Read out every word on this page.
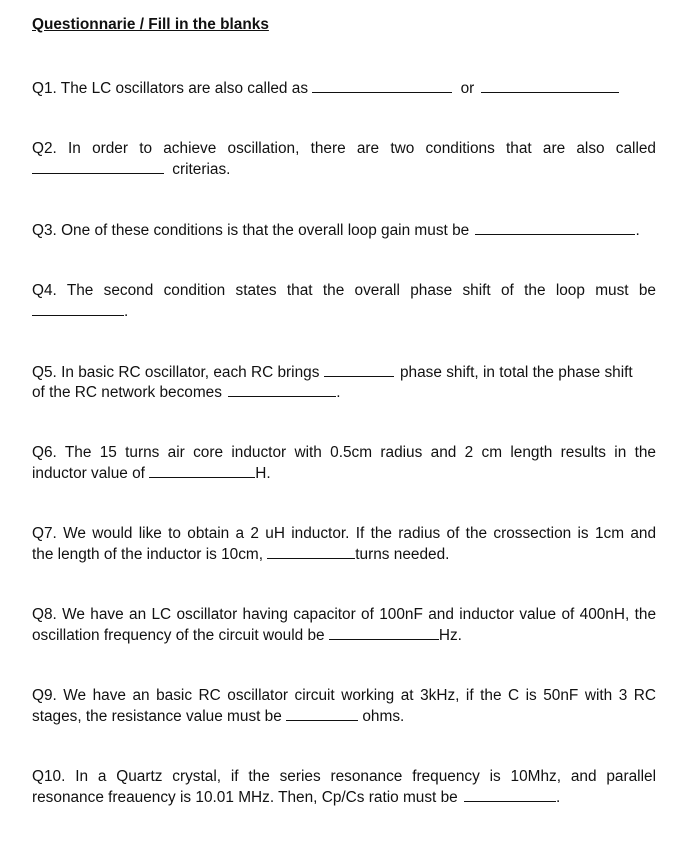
Questionnarie / Fill in the blanks
Q1. The LC oscillators are also called as	or
Q2. In order to achieve oscillation, there are two conditions that are also called
criterias.
Q3. One of these conditions is that the overall loop gain must be	.
Q4. The second condition states that the overall phase shift of the loop must be
.
Q5. In basic RC oscillator, each RC brings	phase shift, in total the phase shift
of the RC network becomes	.
Q6. The 15 turns air core inductor with 0.5cm radius and 2 cm length results in the
inductor value of	H.
Q7. We would like to obtain a 2 uH inductor. If the radius of the crossection is 1cm and
the length of the inductor is 10cm,	turns needed.
Q8. We have an LC oscillator having capacitor of 100nF and inductor value of 400nH, the
oscillation frequency of the circuit would be	Hz.
Q9. We have an basic RC oscillator circuit working at 3kHz, if the C is 50nF with 3 RC
stages, the resistance value must be	ohms.
Q10. In a Quartz crystal, if the series resonance frequency is 10Mhz, and parallel
resonance freauency is 10.01 MHz. Then, Cp/Cs ratio must be	.
